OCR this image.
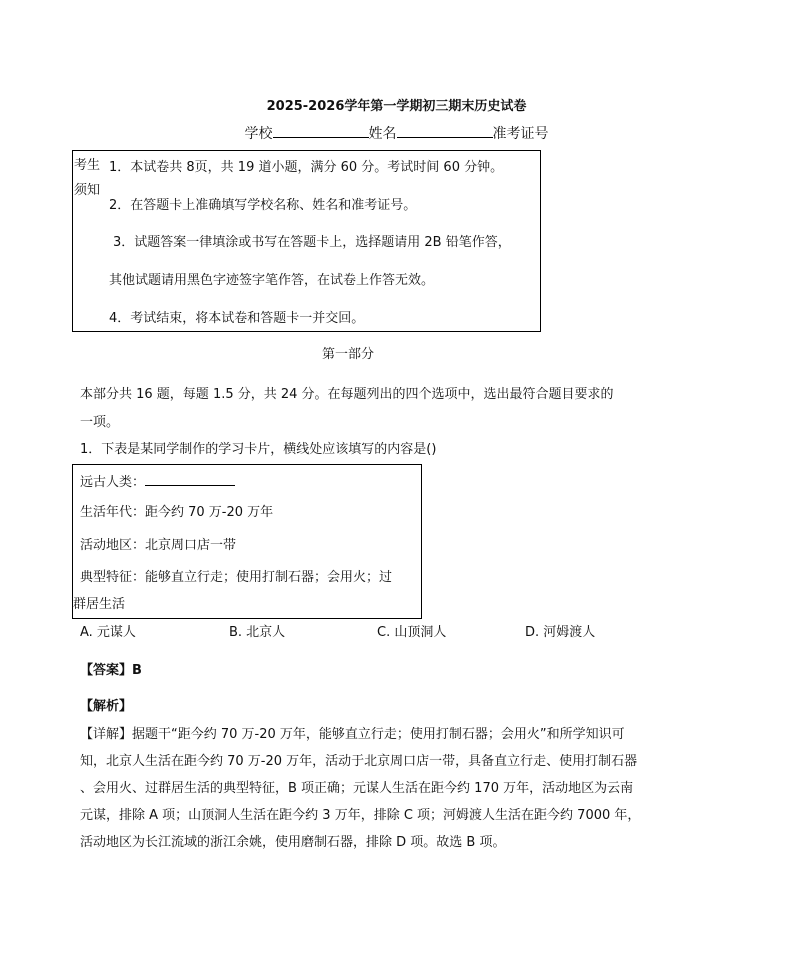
2025-2026学年第一学期初三期末历史试卷
学校	姓名	准考证号
考生
须知
1．本试卷共 8页，共 19 道小题，满分 60 分。考试时间 60 分钟。
2．在答题卡上准确填写学校名称、姓名和准考证号。
3．试题答案一律填涂或书写在答题卡上，选择题请用 2B 铅笔作答，
其他试题请用黑色字迹签字笔作答，在试卷上作答无效。
4．考试结束，将本试卷和答题卡一并交回。
第一部分
本部分共 16 题，每题 1.5 分，共 24 分。在每题列出的四个选项中，选出最符合题目要求的
一项。
1．下表是某同学制作的学习卡片，横线处应该填写的内容是()
远古人类：
生活年代：距今约 70 万-20 万年
活动地区：北京周口店一带
典型特征：能够直立行走；使用打制石器；会用火；过
群居生活
A. 元谋人	B. 北京人	C. 山顶洞人	D. 河姆渡人
【答案】B
【解析】
【详解】据题干“距今约 70 万-20 万年，能够直立行走；使用打制石器；会用火”和所学知识可
知，北京人生活在距今约 70 万-20 万年，活动于北京周口店一带，具备直立行走、使用打制石器
、会用火、过群居生活的典型特征，B 项正确；元谋人生活在距今约 170 万年，活动地区为云南
元谋，排除 A 项；山顶洞人生活在距今约 3 万年，排除 C 项；河姆渡人生活在距今约 7000 年，
活动地区为长江流域的浙江余姚，使用磨制石器，排除 D 项。故选 B 项。
